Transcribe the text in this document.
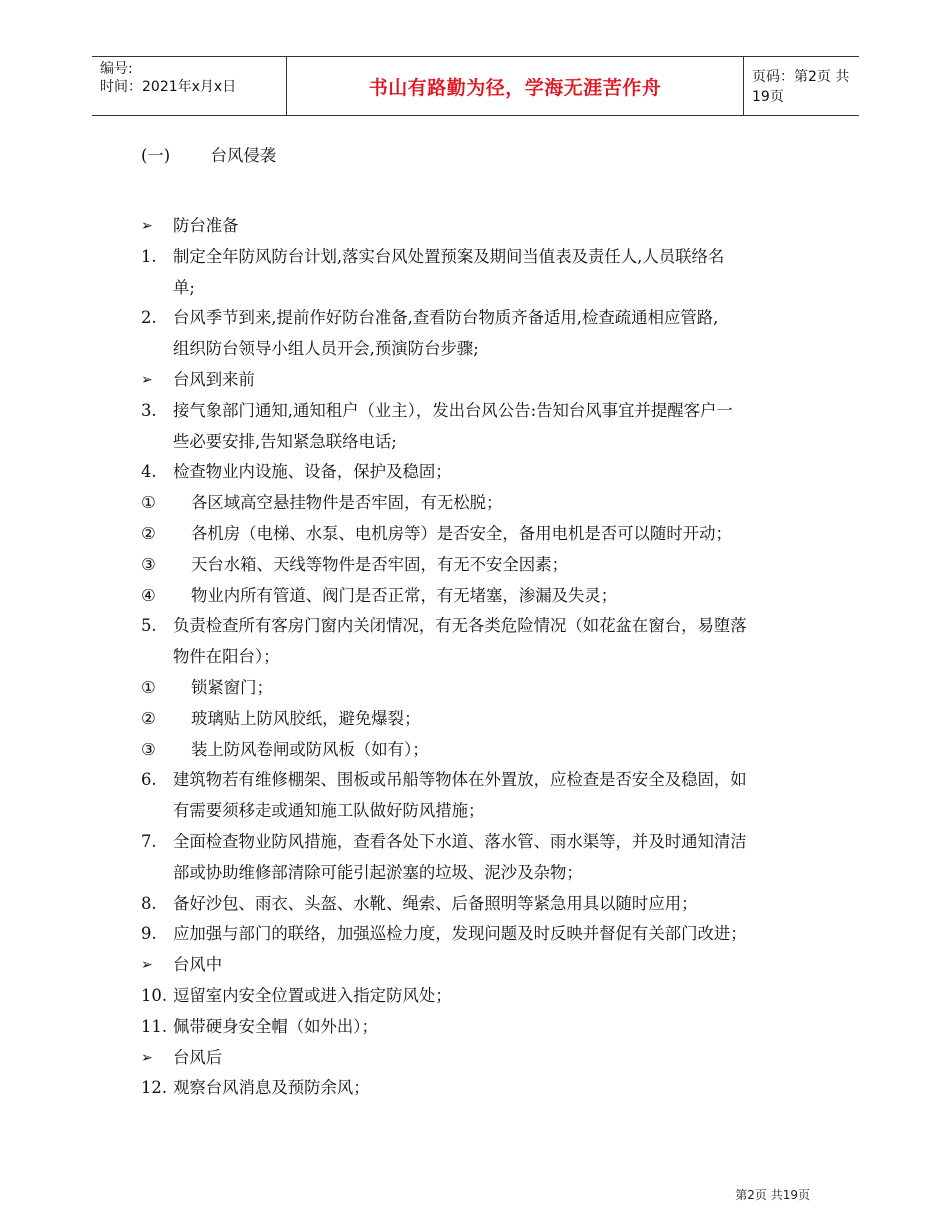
编号:
时间：2021年x月x日	书山有路勤为径，学海无涯苦作舟	页码：第2页 共19页
(一) 台风侵袭
➢ 防台准备
1. 制定全年防风防台计划,落实台风处置预案及期间当值表及责任人,人员联络名
单;
2. 台风季节到来,提前作好防台准备,查看防台物质齐备适用,检查疏通相应管路,
组织防台领导小组人员开会,预演防台步骤;
➢ 台风到来前
3. 接气象部门通知,通知租户（业主），发出台风公告:告知台风事宜并提醒客户一
些必要安排,告知紧急联络电话;
4. 检查物业内设施、设备，保护及稳固；
① 各区域高空悬挂物件是否牢固，有无松脱；
② 各机房（电梯、水泵、电机房等）是否安全，备用电机是否可以随时开动；
③ 天台水箱、天线等物件是否牢固，有无不安全因素；
④ 物业内所有管道、阀门是否正常，有无堵塞，渗漏及失灵；
5. 负责检查所有客房门窗内关闭情况，有无各类危险情况（如花盆在窗台，易堕落
物件在阳台）；
① 锁紧窗门；
② 玻璃贴上防风胶纸，避免爆裂；
③ 装上防风卷闸或防风板（如有）；
6. 建筑物若有维修棚架、围板或吊船等物体在外置放，应检查是否安全及稳固，如
有需要须移走或通知施工队做好防风措施；
7. 全面检查物业防风措施，查看各处下水道、落水管、雨水渠等，并及时通知清洁
部或协助维修部清除可能引起淤塞的垃圾、泥沙及杂物；
8. 备好沙包、雨衣、头盔、水靴、绳索、后备照明等紧急用具以随时应用；
9. 应加强与部门的联络，加强巡检力度，发现问题及时反映并督促有关部门改进；
➢ 台风中
10. 逗留室内安全位置或进入指定防风处；
11. 佩带硬身安全帽（如外出）；
➢ 台风后
12. 观察台风消息及预防余风；
第2页 共19页
